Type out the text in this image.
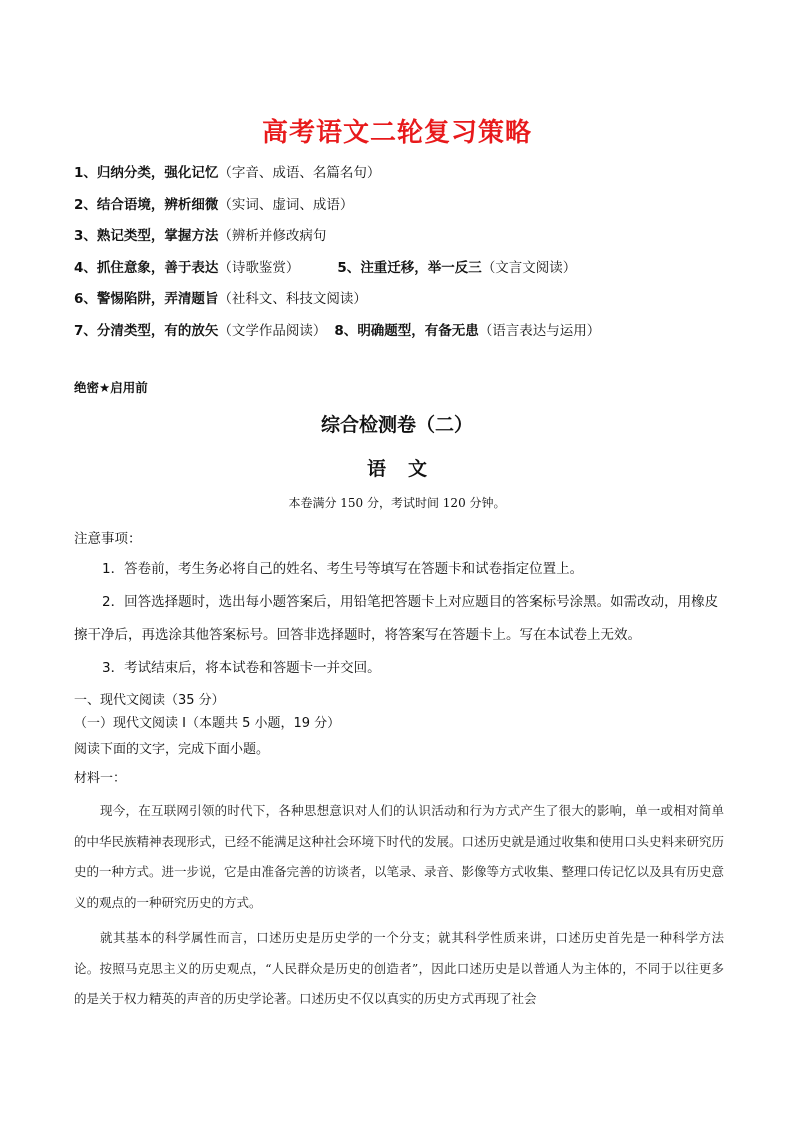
高考语文二轮复习策略
1、归纳分类，强化记忆（字音、成语、名篇名句）
2、结合语境，辨析细微（实词、虚词、成语）
3、熟记类型，掌握方法（辨析并修改病句
4、抓住意象，善于表达（诗歌鉴赏）	5、注重迁移，举一反三（文言文阅读）
6、警惕陷阱，弄清题旨（社科文、科技文阅读）
7、分清类型，有的放矢（文学作品阅读） 8、明确题型，有备无患（语言表达与运用）

绝密★启用前

综合检测卷（二）
语文

本卷满分 150 分，考试时间 120 分钟。

注意事项：

1．答卷前，考生务必将自己的姓名、考生号等填写在答题卡和试卷指定位置上。
2．回答选择题时，选出每小题答案后，用铅笔把答题卡上对应题目的答案标号涂黑。如需改动，用橡皮擦干净后，再选涂其他答案标号。回答非选择题时，将答案写在答题卡上。写在本试卷上无效。
3．考试结束后，将本试卷和答题卡一并交回。

一、现代文阅读（35 分）

（一）现代文阅读 Ⅰ（本题共 5 小题，19 分）

阅读下面的文字，完成下面小题。

材料一：

现今，在互联网引领的时代下，各种思想意识对人们的认识活动和行为方式产生了很大的影响，单一或相对简单的中华民族精神表现形式，已经不能满足这种社会环境下时代的发展。口述历史就是通过收集和使用口头史料来研究历史的一种方式。进一步说，它是由准备完善的访谈者，以笔录、录音、影像等方式收集、整理口传记忆以及具有历史意义的观点的一种研究历史的方式。

就其基本的科学属性而言，口述历史是历史学的一个分支；就其科学性质来讲，口述历史首先是一种科学方法论。按照马克思主义的历史观点，“人民群众是历史的创造者”，因此口述历史是以普通人为主体的，不同于以往更多的是关于权力精英的声音的历史学论著。口述历史不仅以真实的历史方式再现了社会
